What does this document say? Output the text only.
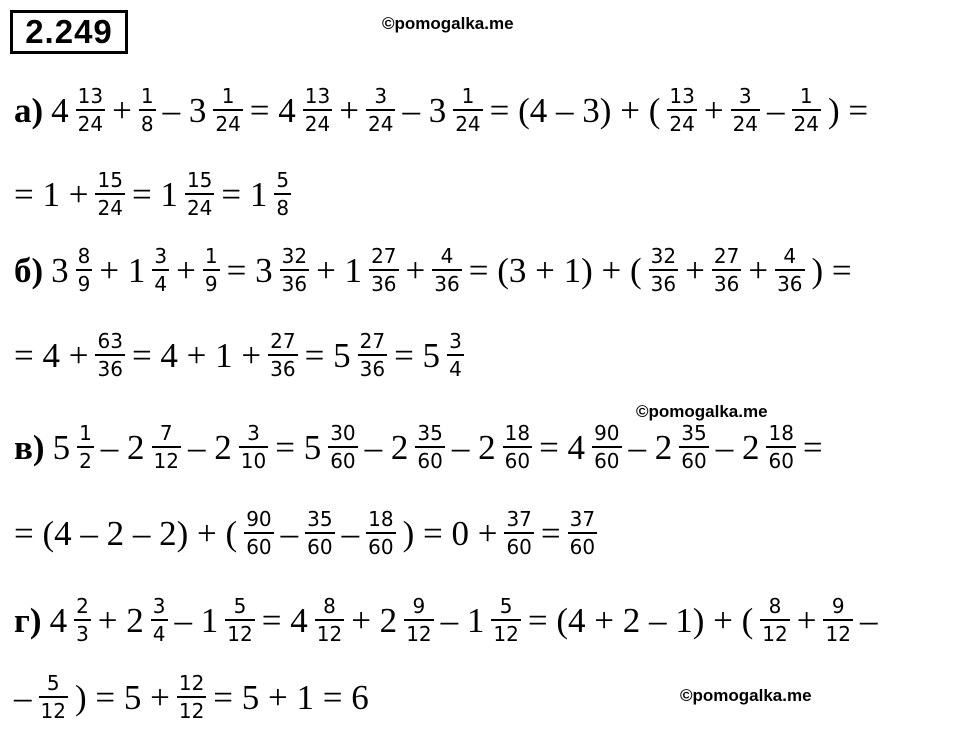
2.249	©pomogalka.me
©pomogalka.me
©pomogalka.me
а) $4 \frac{13}{24} + \frac{1}{8} - 3 \frac{1}{24} = 4 \frac{13}{24} + \frac{3}{24} - 3 \frac{1}{24} = (4 - 3)$ + ( $\frac{13}{24} + \frac{3}{24} - \frac{1}{24}$ ) =
= $1 + \frac{15}{24} = 1 \frac{15}{24} = 1 \frac{5}{8}$
б) $3 \frac{8}{9} + 1 \frac{3}{4} + \frac{1}{9} = 3 \frac{32}{36} + 1 \frac{27}{36} + \frac{4}{36} = (3 + 1)$ + ( $\frac{32}{36} + \frac{27}{36} + \frac{4}{36}$ ) =
= $4 + \frac{63}{36} = 4 + 1 + \frac{27}{36} = 5 \frac{27}{36} = 5 \frac{3}{4}$
в) $5 \frac{1}{2} - 2 \frac{7}{12} - 2 \frac{3}{10} = 5 \frac{30}{60} - 2 \frac{35}{60} - 2 \frac{18}{60} = 4 \frac{90}{60} - 2 \frac{35}{60} - 2 \frac{18}{60}$ =
= (4 – 2 – 2) + ( $\frac{90}{60} - \frac{35}{60} - \frac{18}{60}$ ) = $0 + \frac{37}{60} = \frac{37}{60}$
г) $4 \frac{2}{3} + 2 \frac{3}{4} - 1 \frac{5}{12} = 4 \frac{8}{12} + 2 \frac{9}{12} - 1 \frac{5}{12} = (4 + 2 - 1)$ + ( $\frac{8}{12} + \frac{9}{12}$ –
– $\frac{5}{12}$ ) = $5 + \frac{12}{12} = 5 + 1 = 6$
